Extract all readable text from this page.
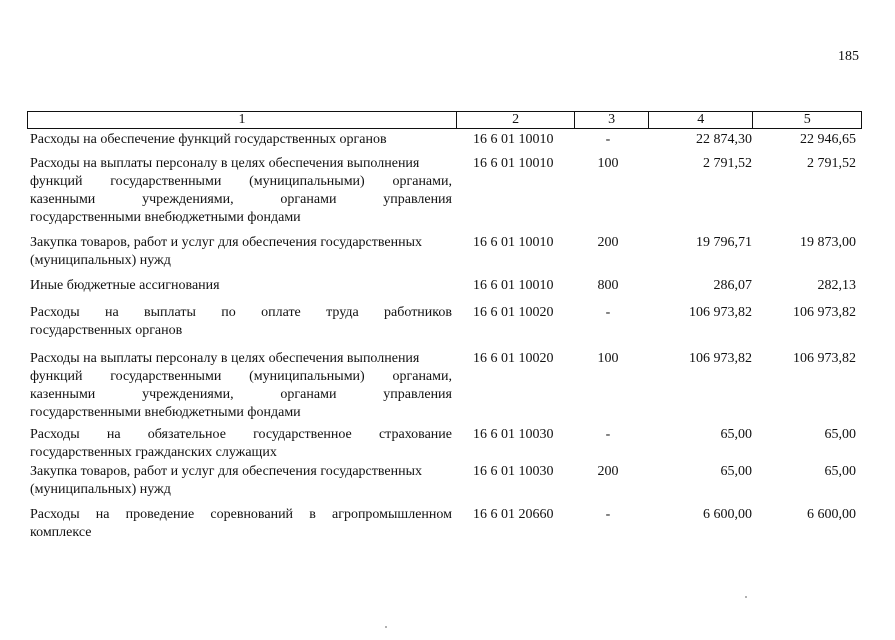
185
1	2	3	4	5
Расходы на обеспечение функций государственных органов	16 6 01 10010	-	22 874,30	22 946,65
Расходы на выплаты персоналу в целях обеспечения выполнения
функций государственными (муниципальными) органами,
казенными учреждениями, органами управления
государственными внебюджетными фондами
16 6 01 10010	100	2 791,52	2 791,52
Закупка товаров, работ и услуг для обеспечения государственных
(муниципальных) нужд
16 6 01 10010	200	19 796,71	19 873,00
Иные бюджетные ассигнования	16 6 01 10010	800	286,07	282,13
Расходы на выплаты по оплате труда работников
государственных органов
16 6 01 10020	-	106 973,82	106 973,82
Расходы на выплаты персоналу в целях обеспечения выполнения
функций государственными (муниципальными) органами,
казенными учреждениями, органами управления
государственными внебюджетными фондами
16 6 01 10020	100	106 973,82	106 973,82
Расходы на обязательное государственное страхование
государственных гражданских служащих
16 6 01 10030	-	65,00	65,00
Закупка товаров, работ и услуг для обеспечения государственных
(муниципальных) нужд
16 6 01 10030	200	65,00	65,00
Расходы на проведение соревнований в агропромышленном
комплексе
16 6 01 20660	-	6 600,00	6 600,00
